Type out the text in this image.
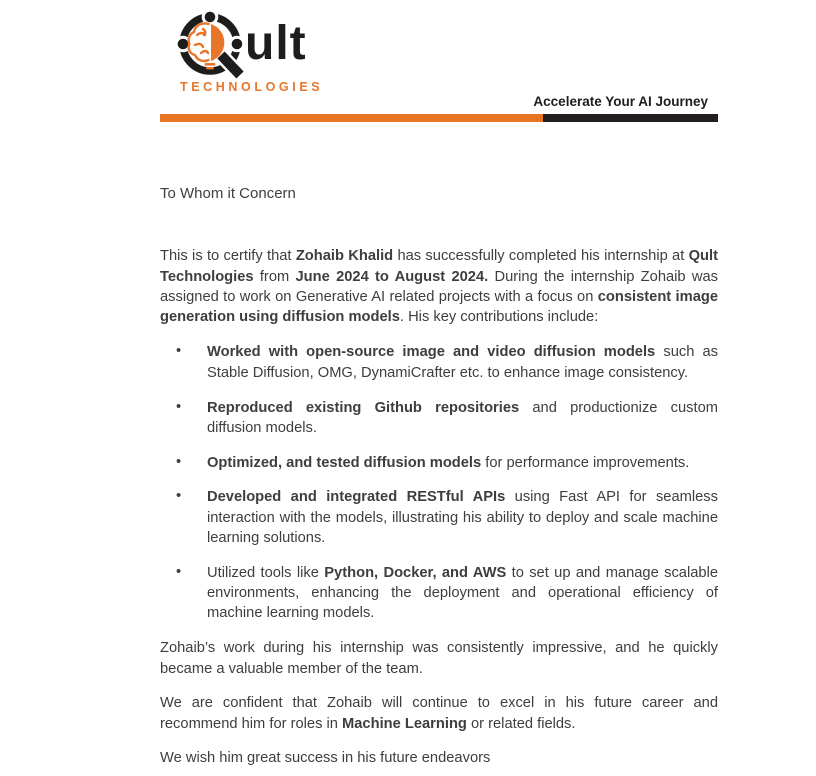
ult
TECHNOLOGIES
Accelerate Your AI Journey

To Whom it Concern

This is to certify that Zohaib Khalid has successfully completed his internship at Qult Technologies from June 2024 to August 2024. During the internship Zohaib was assigned to work on Generative AI related projects with a focus on consistent image generation using diffusion models. His key contributions include:

• Worked with open-source image and video diffusion models such as Stable Diffusion, OMG, DynamiCrafter etc. to enhance image consistency.
• Reproduced existing Github repositories and productionize custom diffusion models.
• Optimized, and tested diffusion models for performance improvements.
• Developed and integrated RESTful APIs using Fast API for seamless interaction with the models, illustrating his ability to deploy and scale machine learning solutions.
• Utilized tools like Python, Docker, and AWS to set up and manage scalable environments, enhancing the deployment and operational efficiency of machine learning models.

Zohaib’s work during his internship was consistently impressive, and he quickly became a valuable member of the team.

We are confident that Zohaib will continue to excel in his future career and recommend him for roles in Machine Learning or related fields.

We wish him great success in his future endeavors
